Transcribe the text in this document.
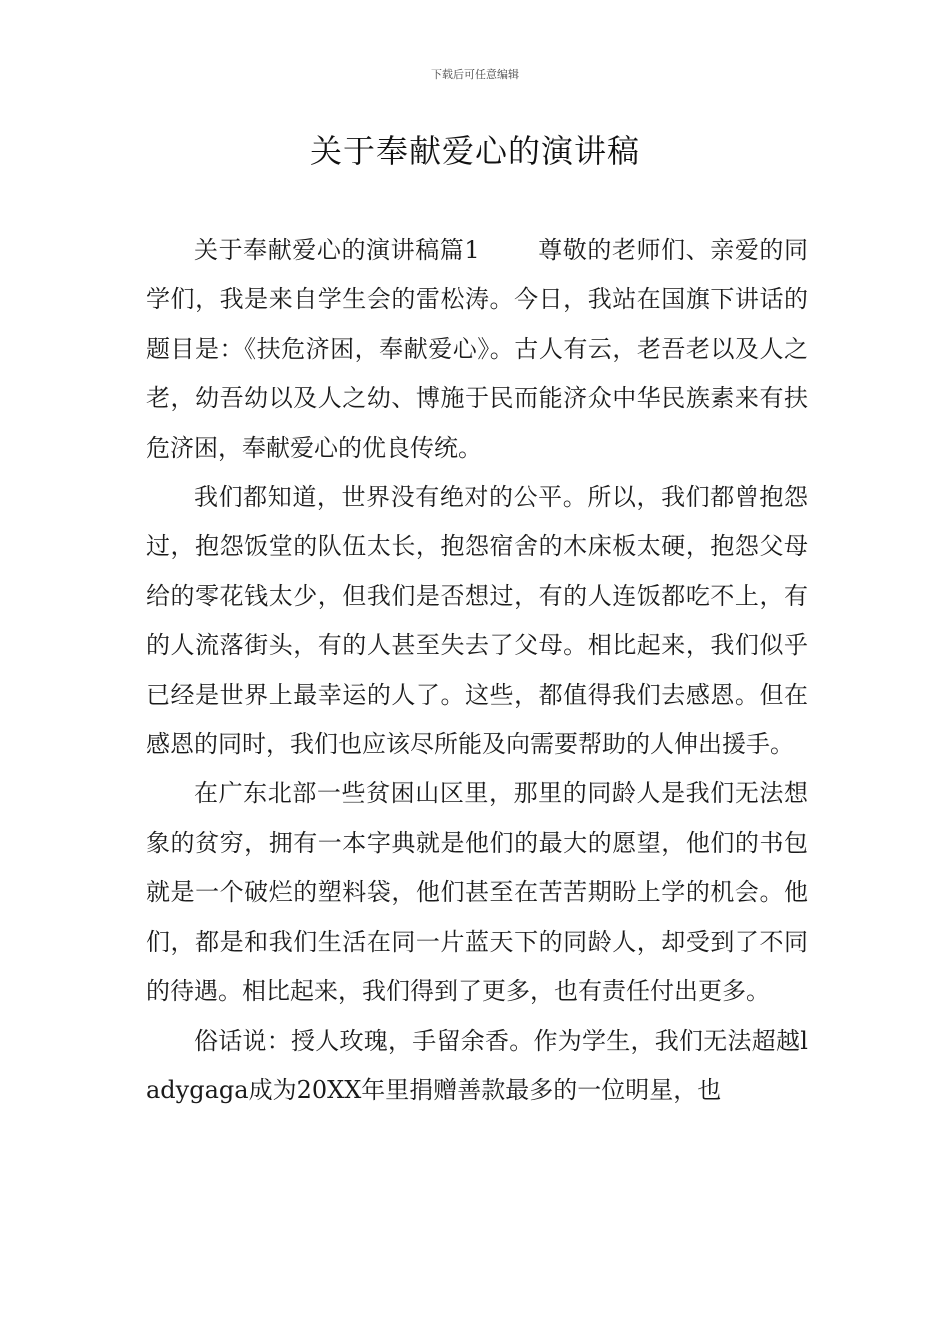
下载后可任意编辑
关于奉献爱心的演讲稿

关于奉献爱心的演讲稿篇1 尊敬的老师们、亲爱的同学们，我是来自学生会的雷松涛。今日，我站在国旗下讲话的题目是：《扶危济困，奉献爱心》。古人有云，老吾老以及人之老，幼吾幼以及人之幼、博施于民而能济众中华民族素来有扶危济困，奉献爱心的优良传统。

我们都知道，世界没有绝对的公平。所以，我们都曾抱怨过，抱怨饭堂的队伍太长，抱怨宿舍的木床板太硬，抱怨父母给的零花钱太少，但我们是否想过，有的人连饭都吃不上，有的人流落街头，有的人甚至失去了父母。相比起来，我们似乎已经是世界上最幸运的人了。这些，都值得我们去感恩。但在感恩的同时，我们也应该尽所能及向需要帮助的人伸出援手。

在广东北部一些贫困山区里，那里的同龄人是我们无法想象的贫穷，拥有一本字典就是他们的最大的愿望，他们的书包就是一个破烂的塑料袋，他们甚至在苦苦期盼上学的机会。他们，都是和我们生活在同一片蓝天下的同龄人，却受到了不同的待遇。相比起来，我们得到了更多，也有责任付出更多。

俗话说：授人玫瑰，手留余香。作为学生，我们无法超越ladygaga成为20XX年里捐赠善款最多的一位明星，也
